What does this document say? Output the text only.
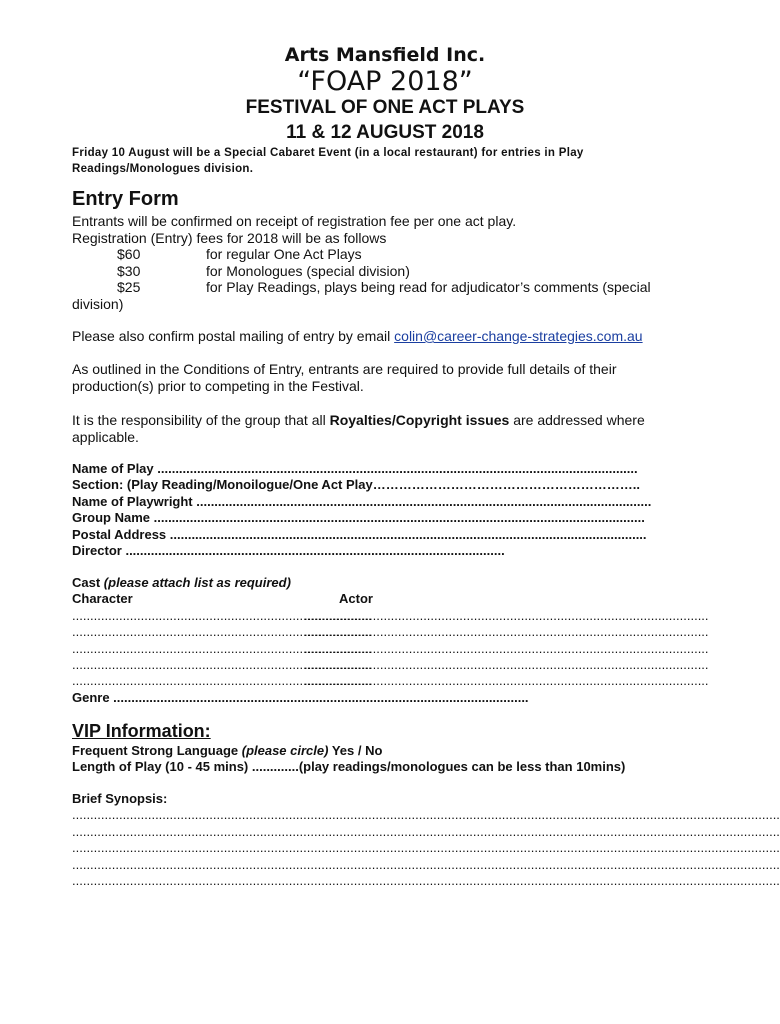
Arts Mansfield Inc.
“FOAP 2018”
FESTIVAL OF ONE ACT PLAYS
11 & 12 AUGUST 2018
Friday 10 August will be a Special Cabaret Event (in a local restaurant) for entries in Play Readings/Monologues division.
Entry Form
Entrants will be confirmed on receipt of registration fee per one act play.
Registration (Entry) fees for 2018 will be as follows
$60	for regular One Act Plays
$30	for Monologues (special division)
$25	for Play Readings, plays being read for adjudicator’s comments (special
division)
Please also confirm postal mailing of entry by email colin@career-change-strategies.com.au
As outlined in the Conditions of Entry, entrants are required to provide full details of their production(s) prior to competing in the Festival.
It is the responsibility of the group that all Royalties/Copyright issues are addressed where applicable.
Name of Play .....................................................................................................................................
Section: (Play Reading/Monoilogue/One Act Play……………………………………………………..
Name of Playwright ..............................................................................................................................
Group Name ........................................................................................................................................
Postal Address ....................................................................................................................................
Director .........................................................................................................
Cast (please attach list as required)
Character	Actor
...................................................................................
................................................................................................................
...................................................................................
................................................................................................................
...................................................................................
................................................................................................................
...................................................................................
................................................................................................................
...................................................................................
................................................................................................................
Genre ...................................................................................................................
VIP Information:
Frequent Strong Language (please circle) Yes / No
Length of Play (10 - 45 mins) .............(play readings/monologues can be less than 10mins)
Brief Synopsis:
....................................................................................................................................................................................................
....................................................................................................................................................................................................
....................................................................................................................................................................................................
....................................................................................................................................................................................................
....................................................................................................................................................................................................
